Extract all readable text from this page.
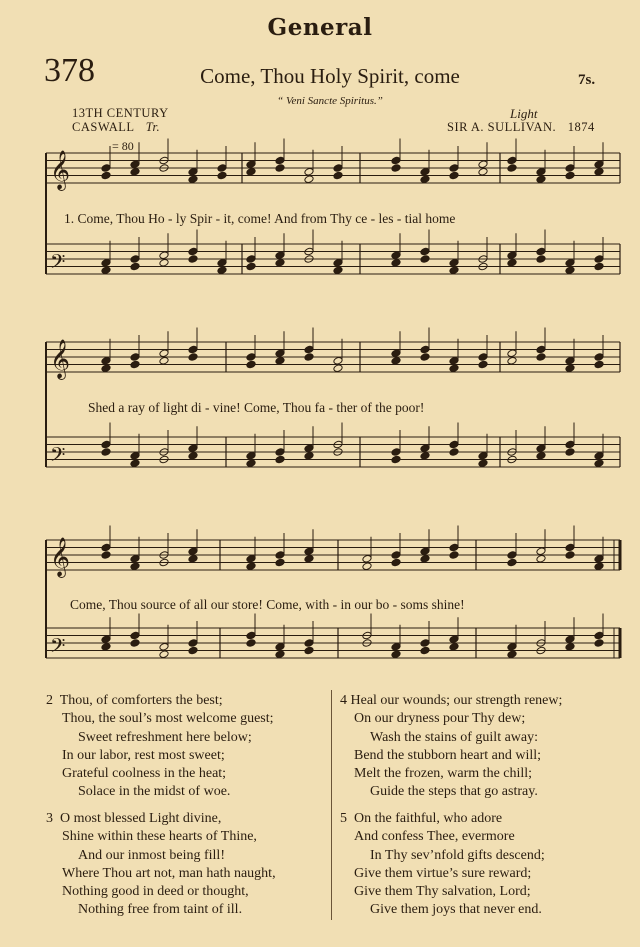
General
378	Come, Thou Holy Spirit, come	7s.
“ Veni Sancte Spiritus.”
13TH CENTURY
CASWALL Tr.
Light
SIR A. SULLIVAN. 1874
𝄞
𝄢
𝄞
𝄢
𝄞
𝄢
= 80
1. Come, Thou Ho - ly Spir - it, come! And from Thy ce - les - tial home
Shed a ray of light di - vine! Come, Thou fa - ther of the poor!
Come, Thou source of all our store! Come, with - in our bo - soms shine!
2 Thou, of comforters the best;
Thou, the soul’s most welcome guest;
Sweet refreshment here below;
In our labor, rest most sweet;
Grateful coolness in the heat;
Solace in the midst of woe.
3 O most blessed Light divine,
Shine within these hearts of Thine,
And our inmost being fill!
Where Thou art not, man hath naught,
Nothing good in deed or thought,
Nothing free from taint of ill.
4 Heal our wounds; our strength renew;
On our dryness pour Thy dew;
Wash the stains of guilt away:
Bend the stubborn heart and will;
Melt the frozen, warm the chill;
Guide the steps that go astray.
5 On the faithful, who adore
And confess Thee, evermore
In Thy sev’nfold gifts descend;
Give them virtue’s sure reward;
Give them Thy salvation, Lord;
Give them joys that never end.
